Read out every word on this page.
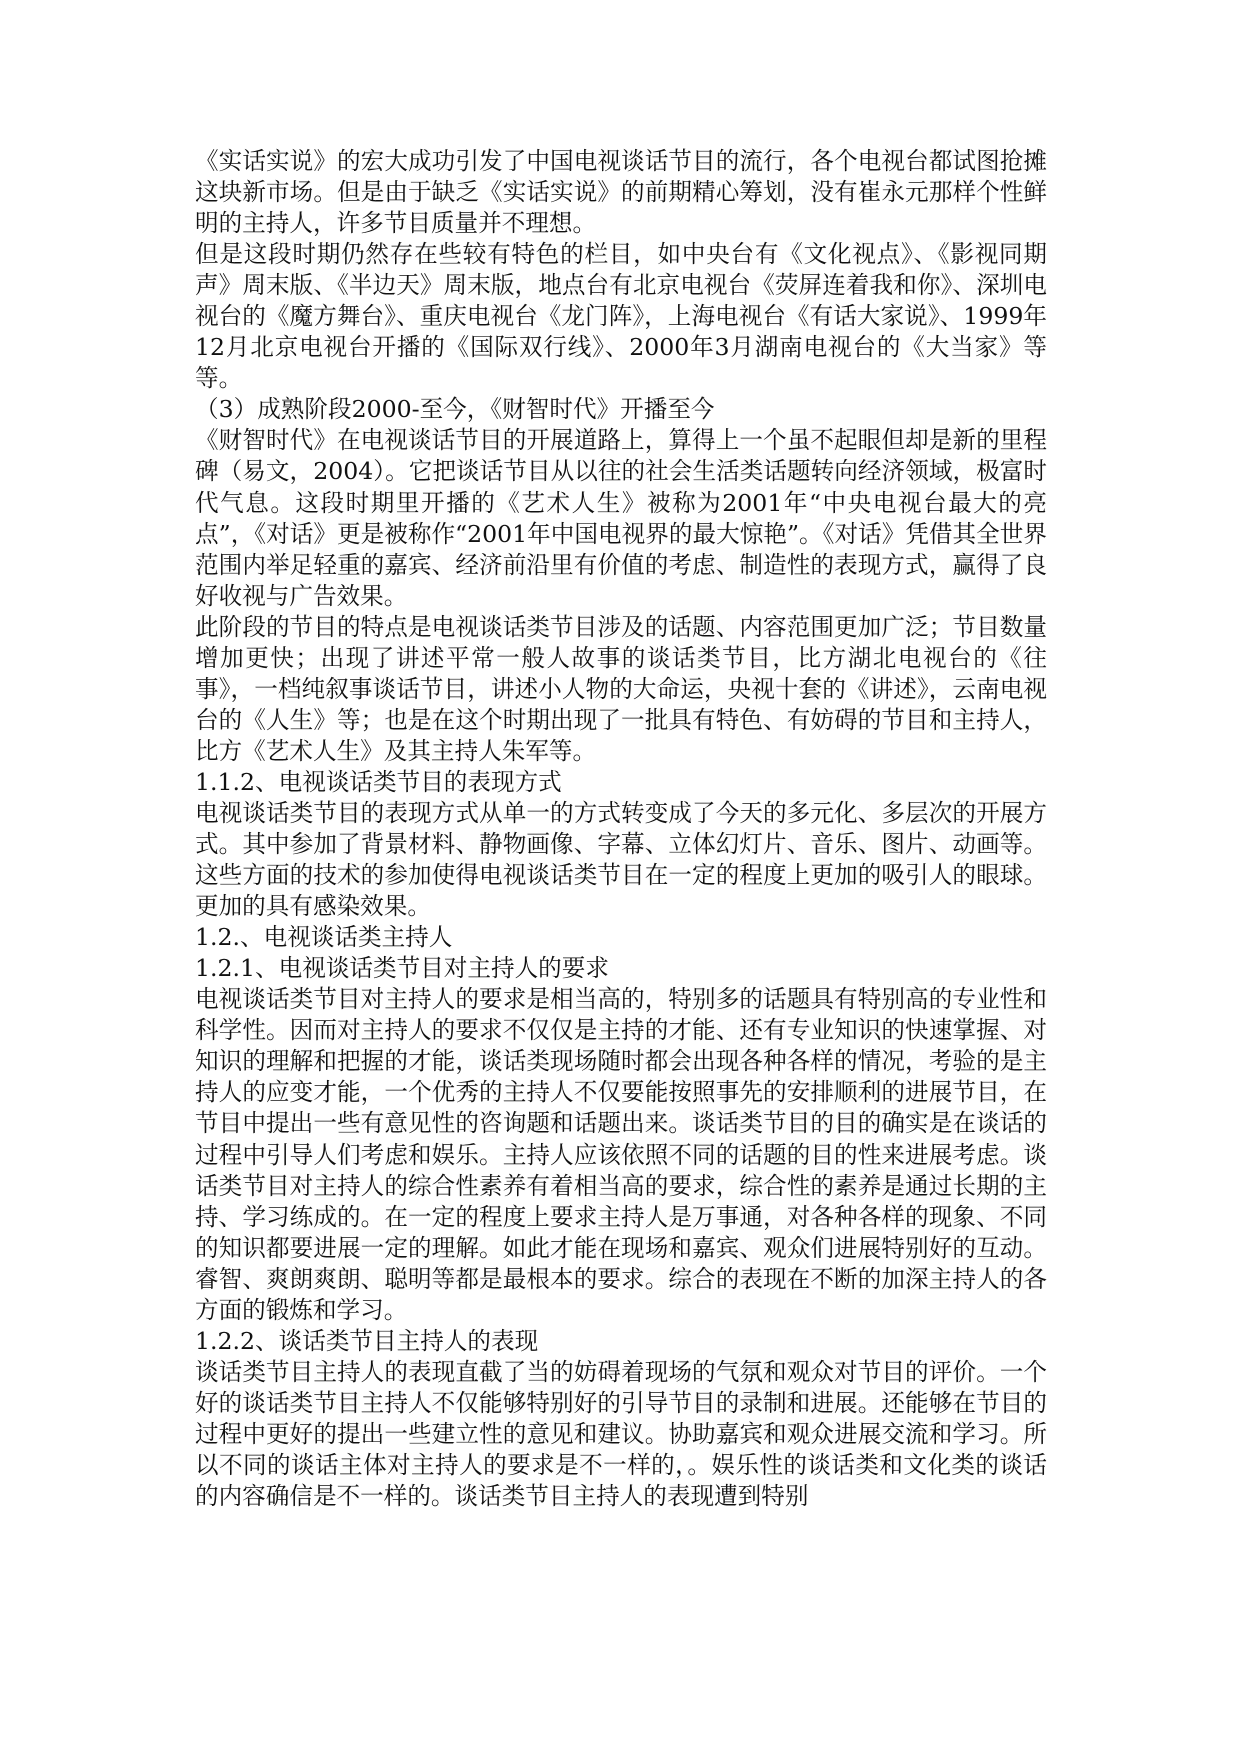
《实话实说》的宏大成功引发了中国电视谈话节目的流行，各个电视台都试图抢摊这块新市场。但是由于缺乏《实话实说》的前期精心筹划，没有崔永元那样个性鲜明的主持人，许多节目质量并不理想。

但是这段时期仍然存在些较有特色的栏目，如中央台有《文化视点》、《影视同期声》周末版、《半边天》周末版，地点台有北京电视台《荧屏连着我和你》、深圳电视台的《魔方舞台》、重庆电视台《龙门阵》，上海电视台《有话大家说》、1999年12月北京电视台开播的《国际双行线》、2000年3月湖南电视台的《大当家》等等。

（3）成熟阶段2000-至今，《财智时代》开播至今

《财智时代》在电视谈话节目的开展道路上，算得上一个虽不起眼但却是新的里程碑（易文，2004）。它把谈话节目从以往的社会生活类话题转向经济领域，极富时代气息。这段时期里开播的《艺术人生》被称为2001年“中央电视台最大的亮点”，《对话》更是被称作“2001年中国电视界的最大惊艳”。《对话》凭借其全世界范围内举足轻重的嘉宾、经济前沿里有价值的考虑、制造性的表现方式，赢得了良好收视与广告效果。

此阶段的节目的特点是电视谈话类节目涉及的话题、内容范围更加广泛；节目数量增加更快；出现了讲述平常一般人故事的谈话类节目，比方湖北电视台的《往事》，一档纯叙事谈话节目，讲述小人物的大命运，央视十套的《讲述》，云南电视台的《人生》等；也是在这个时期出现了一批具有特色、有妨碍的节目和主持人，比方《艺术人生》及其主持人朱军等。

1.1.2、电视谈话类节目的表现方式

电视谈话类节目的表现方式从单一的方式转变成了今天的多元化、多层次的开展方式。其中参加了背景材料、静物画像、字幕、立体幻灯片、音乐、图片、动画等。这些方面的技术的参加使得电视谈话类节目在一定的程度上更加的吸引人的眼球。更加的具有感染效果。

1.2.、电视谈话类主持人

1.2.1、电视谈话类节目对主持人的要求

电视谈话类节目对主持人的要求是相当高的，特别多的话题具有特别高的专业性和科学性。因而对主持人的要求不仅仅是主持的才能、还有专业知识的快速掌握、对知识的理解和把握的才能，谈话类现场随时都会出现各种各样的情况，考验的是主持人的应变才能，一个优秀的主持人不仅要能按照事先的安排顺利的进展节目，在节目中提出一些有意见性的咨询题和话题出来。谈话类节目的目的确实是在谈话的过程中引导人们考虑和娱乐。主持人应该依照不同的话题的目的性来进展考虑。谈话类节目对主持人的综合性素养有着相当高的要求，综合性的素养是通过长期的主持、学习练成的。在一定的程度上要求主持人是万事通，对各种各样的现象、不同的知识都要进展一定的理解。如此才能在现场和嘉宾、观众们进展特别好的互动。睿智、爽朗爽朗、聪明等都是最根本的要求。综合的表现在不断的加深主持人的各方面的锻炼和学习。

1.2.2、谈话类节目主持人的表现

谈话类节目主持人的表现直截了当的妨碍着现场的气氛和观众对节目的评价。一个好的谈话类节目主持人不仅能够特别好的引导节目的录制和进展。还能够在节目的过程中更好的提出一些建立性的意见和建议。协助嘉宾和观众进展交流和学习。所以不同的谈话主体对主持人的要求是不一样的，。娱乐性的谈话类和文化类的谈话的内容确信是不一样的。谈话类节目主持人的表现遭到特别
